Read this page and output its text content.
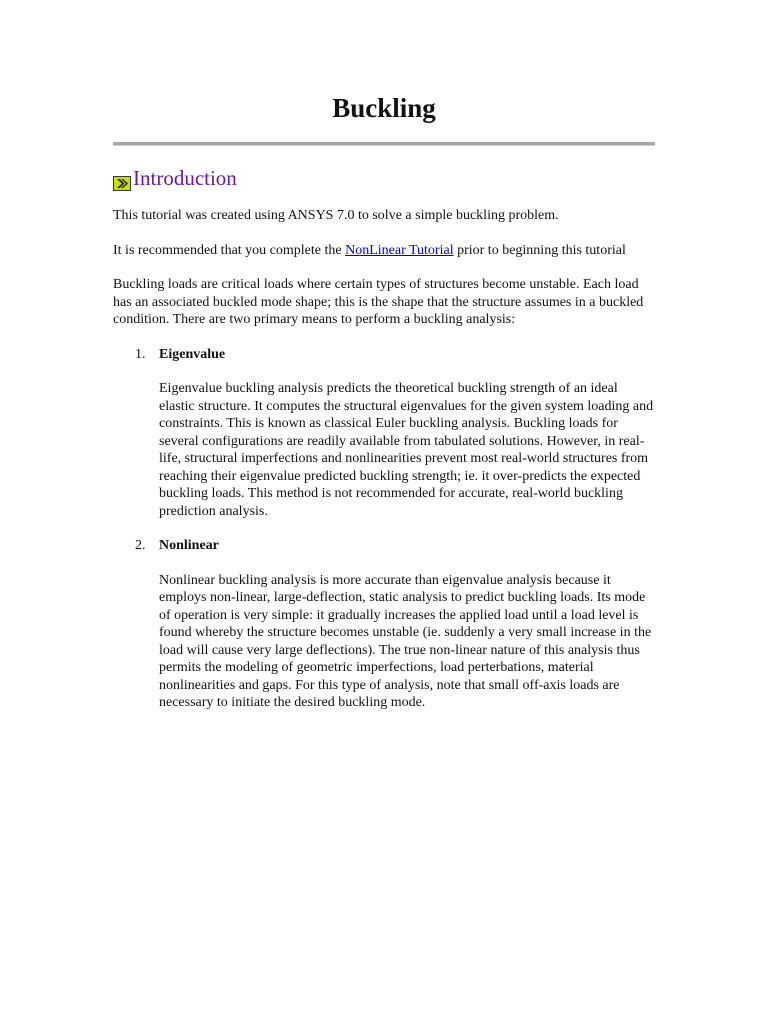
Buckling
Introduction

This tutorial was created using ANSYS 7.0 to solve a simple buckling problem.

It is recommended that you complete the NonLinear Tutorial prior to beginning this tutorial

Buckling loads are critical loads where certain types of structures become unstable. Each load has an associated buckled mode shape; this is the shape that the structure assumes in a buckled condition. There are two primary means to perform a buckling analysis:

1. Eigenvalue

Eigenvalue buckling analysis predicts the theoretical buckling strength of an ideal elastic structure. It computes the structural eigenvalues for the given system loading and constraints. This is known as classical Euler buckling analysis. Buckling loads for several configurations are readily available from tabulated solutions. However, in real-life, structural imperfections and nonlinearities prevent most real-world structures from reaching their eigenvalue predicted buckling strength; ie. it over-predicts the expected buckling loads. This method is not recommended for accurate, real-world buckling prediction analysis.

2. Nonlinear

Nonlinear buckling analysis is more accurate than eigenvalue analysis because it employs non-linear, large-deflection, static analysis to predict buckling loads. Its mode of operation is very simple: it gradually increases the applied load until a load level is found whereby the structure becomes unstable (ie. suddenly a very small increase in the load will cause very large deflections). The true non-linear nature of this analysis thus permits the modeling of geometric imperfections, load perterbations, material nonlinearities and gaps. For this type of analysis, note that small off-axis loads are necessary to initiate the desired buckling mode.
